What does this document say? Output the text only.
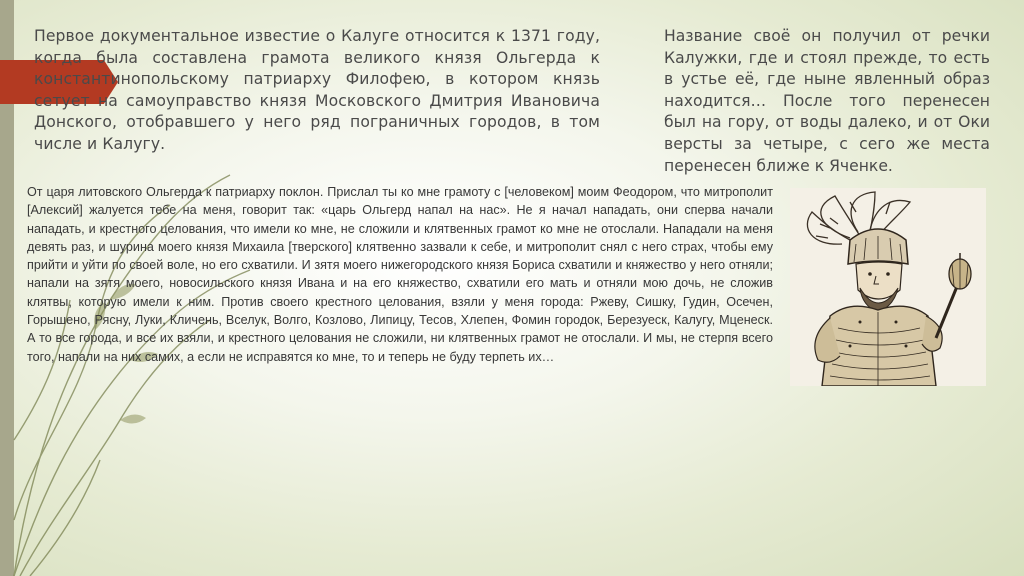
Первое документальное известие о Калуге относится к 1371 году, когда была составлена грамота великого князя Ольгерда к константинопольскому патриарху Филофею, в котором князь сетует на самоуправство князя Московского Дмитрия Ивановича Донского, отобравшего у него ряд пограничных городов, в том числе и Калугу.
Название своё он получил от речки Калужки, где и стоял прежде, то есть в устье её, где ныне явленный образ находится… После того перенесен был на гору, от воды далеко, и от Оки версты за четыре, с сего же места перенесен ближе к Яченке.
От царя литовского Ольгерда к патриарху поклон. Прислал ты ко мне грамоту с [человеком] моим Феодором, что митрополит [Алексий] жалуется тебе на меня, говорит так: «царь Ольгерд напал на нас». Не я начал нападать, они сперва начали нападать, и крестного целования, что имели ко мне, не сложили и клятвенных грамот ко мне не отослали. Нападали на меня девять раз, и шурина моего князя Михаила [тверского] клятвенно зазвали к себе, и митрополит снял с него страх, чтобы ему прийти и уйти по своей воле, но его схватили. И зятя моего нижегородского князя Бориса схватили и княжество у него отняли; напали на зятя моего, новосильского князя Ивана и на его княжество, схватили его мать и отняли мою дочь, не сложив клятвы, которую имели к ним. Против своего крестного целования, взяли у меня города: Ржеву, Сишку, Гудин, Осечен, Горышено, Рясну, Луки, Кличень, Вселук, Волго, Козлово, Липицу, Тесов, Хлепен, Фомин городок, Березуеск, Калугу, Мценеск. А то все города, и все их взяли, и крестного целования не сложили, ни клятвенных грамот не отослали. И мы, не стерпя всего того, напали на них самих, а если не исправятся ко мне, то и теперь не буду терпеть их…
